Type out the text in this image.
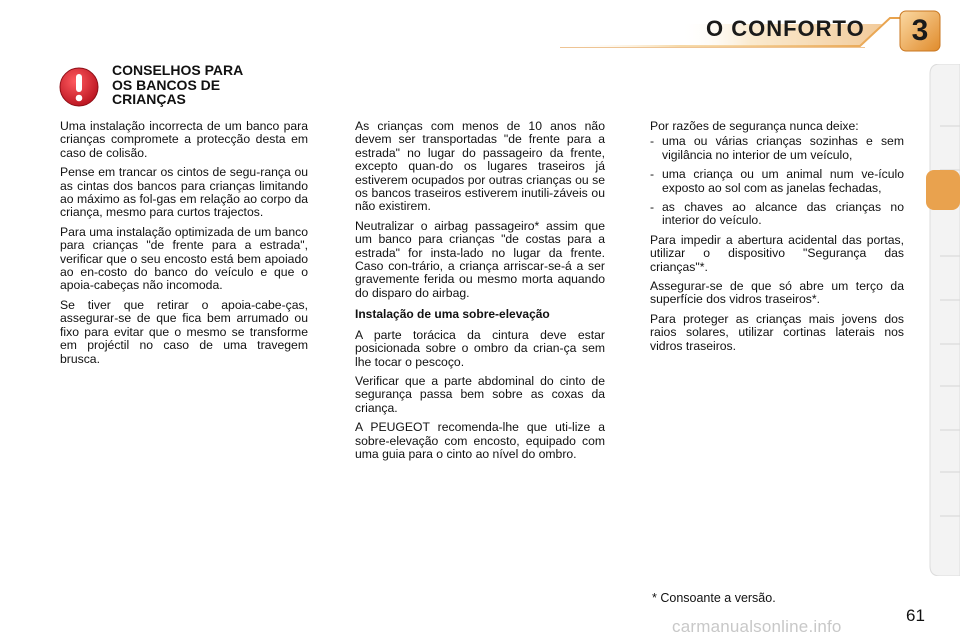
O CONFORTO	3
CONSELHOS PARA
OS BANCOS DE
CRIANÇAS

Uma instalação incorrecta de um banco para crianças compromete a protecção desta em caso de colisão.

Pense em trancar os cintos de segu-rança ou as cintas dos bancos para crianças limitando ao máximo as fol-gas em relação ao corpo da criança, mesmo para curtos trajectos.

Para uma instalação optimizada de um banco para crianças "de frente para a estrada", verificar que o seu encosto está bem apoiado ao en-costo do banco do veículo e que o apoia-cabeças não incomoda.

Se tiver que retirar o apoia-cabe-ças, assegurar-se de que fica bem arrumado ou fixo para evitar que o mesmo se transforme em projéctil no caso de uma travegem brusca.

As crianças com menos de 10 anos não devem ser transportadas "de frente para a estrada" no lugar do passageiro da frente, excepto quan-do os lugares traseiros já estiverem ocupados por outras crianças ou se os bancos traseiros estiverem inutili-záveis ou não existirem.

Neutralizar o airbag passageiro* assim que um banco para crianças "de costas para a estrada" for insta-lado no lugar da frente. Caso con-trário, a criança arriscar-se-á a ser gravemente ferida ou mesmo morta aquando do disparo do airbag.

Instalação de uma sobre-elevação

A parte torácica da cintura deve estar posicionada sobre o ombro da crian-ça sem lhe tocar o pescoço.

Verificar que a parte abdominal do cinto de segurança passa bem sobre as coxas da criança.

A PEUGEOT recomenda-lhe que uti-lize a sobre-elevação com encosto, equipado com uma guia para o cinto ao nível do ombro.

Por razões de segurança nunca deixe:

- uma ou várias crianças sozinhas e sem vigilância no interior de um veículo,

- uma criança ou um animal num ve-ículo exposto ao sol com as janelas fechadas,

- as chaves ao alcance das crianças no interior do veículo.

Para impedir a abertura acidental das portas, utilizar o dispositivo "Segurança das crianças"*.

Assegurar-se de que só abre um terço da superfície dos vidros traseiros*.

Para proteger as crianças mais jovens dos raios solares, utilizar cortinas laterais nos vidros traseiros.

* Consoante a versão.
61
carmanualsonline.info
